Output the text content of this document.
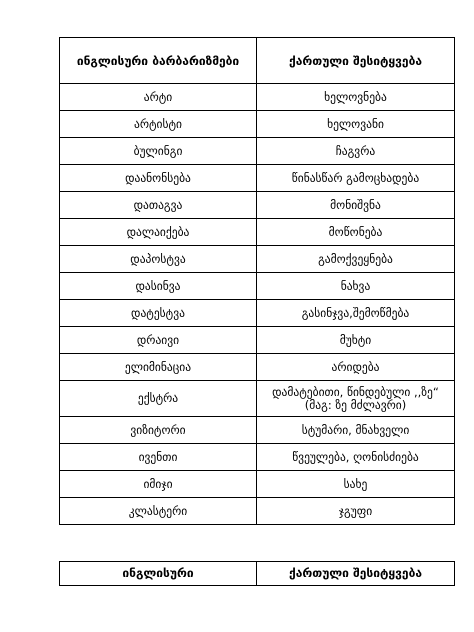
ინგლისური ბარბარიზმები	ქართული შესიტყვება
არტი	ხელოვნება
არტისტი	ხელოვანი
ბულინგი	ჩაგვრა
დაანონსება	წინასწარ გამოცხადება
დათაგვა	მონიშვნა
დალაიქება	მოწონება
დაპოსტვა	გამოქვეყნება
დასინვა	ნახვა
დატესტვა	გასინჯვა,შემოწმება
დრაივი	მუხტი
ელიმინაცია	არიდება
ექსტრა	დამატებითი, წინდებული ,,ზე“ (მაგ: ზე მძლავრი)
ვიზიტორი	სტუმარი, მნახველი
ივენთი	წვეულება, ღონისძიება
იმიჯი	სახე
კლასტერი	ჯგუფი
ინგლისური	ქართული შესიტყვება
